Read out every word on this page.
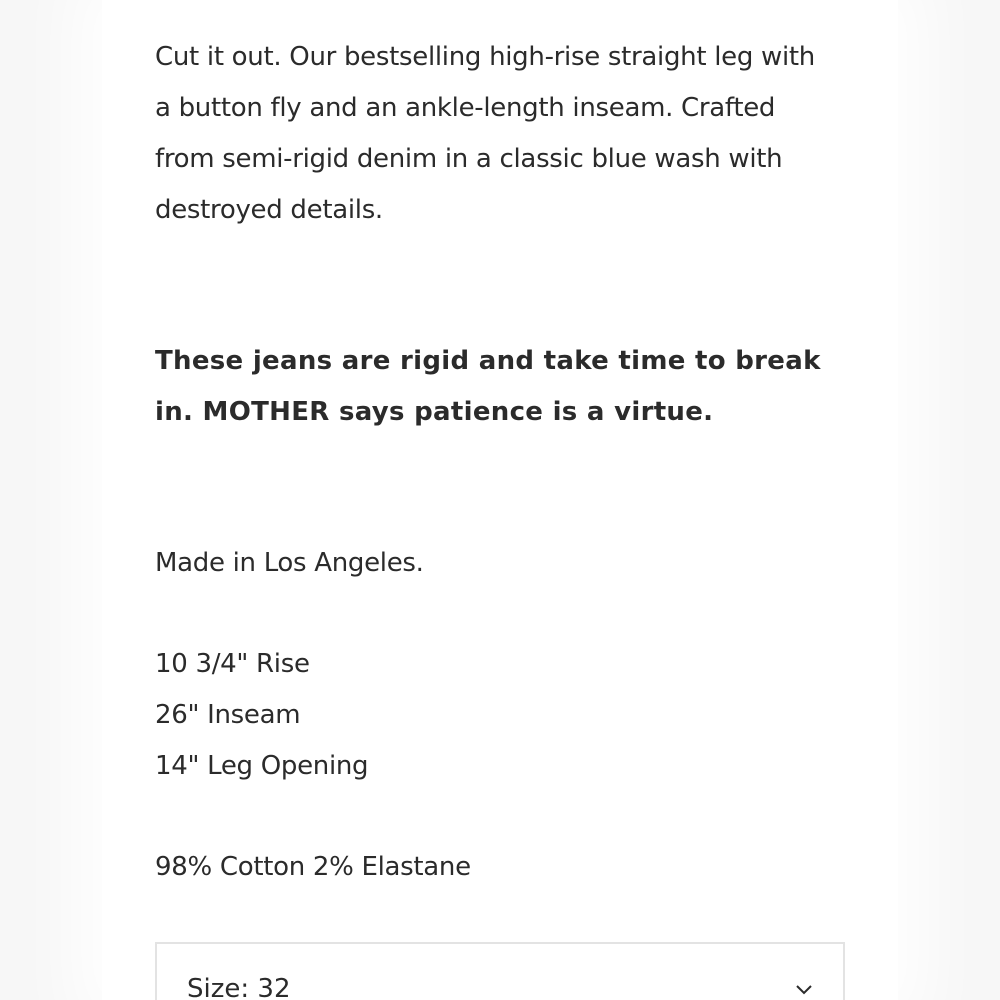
Cut it out. Our bestselling high-rise straight leg with a button fly and an ankle-length inseam. Crafted from semi-rigid denim in a classic blue wash with destroyed details.

These jeans are rigid and take time to break in. MOTHER says patience is a virtue.

Made in Los Angeles.

10 3/4" Rise
26" Inseam
14" Leg Opening

98% Cotton 2% Elastane

Size: 32
